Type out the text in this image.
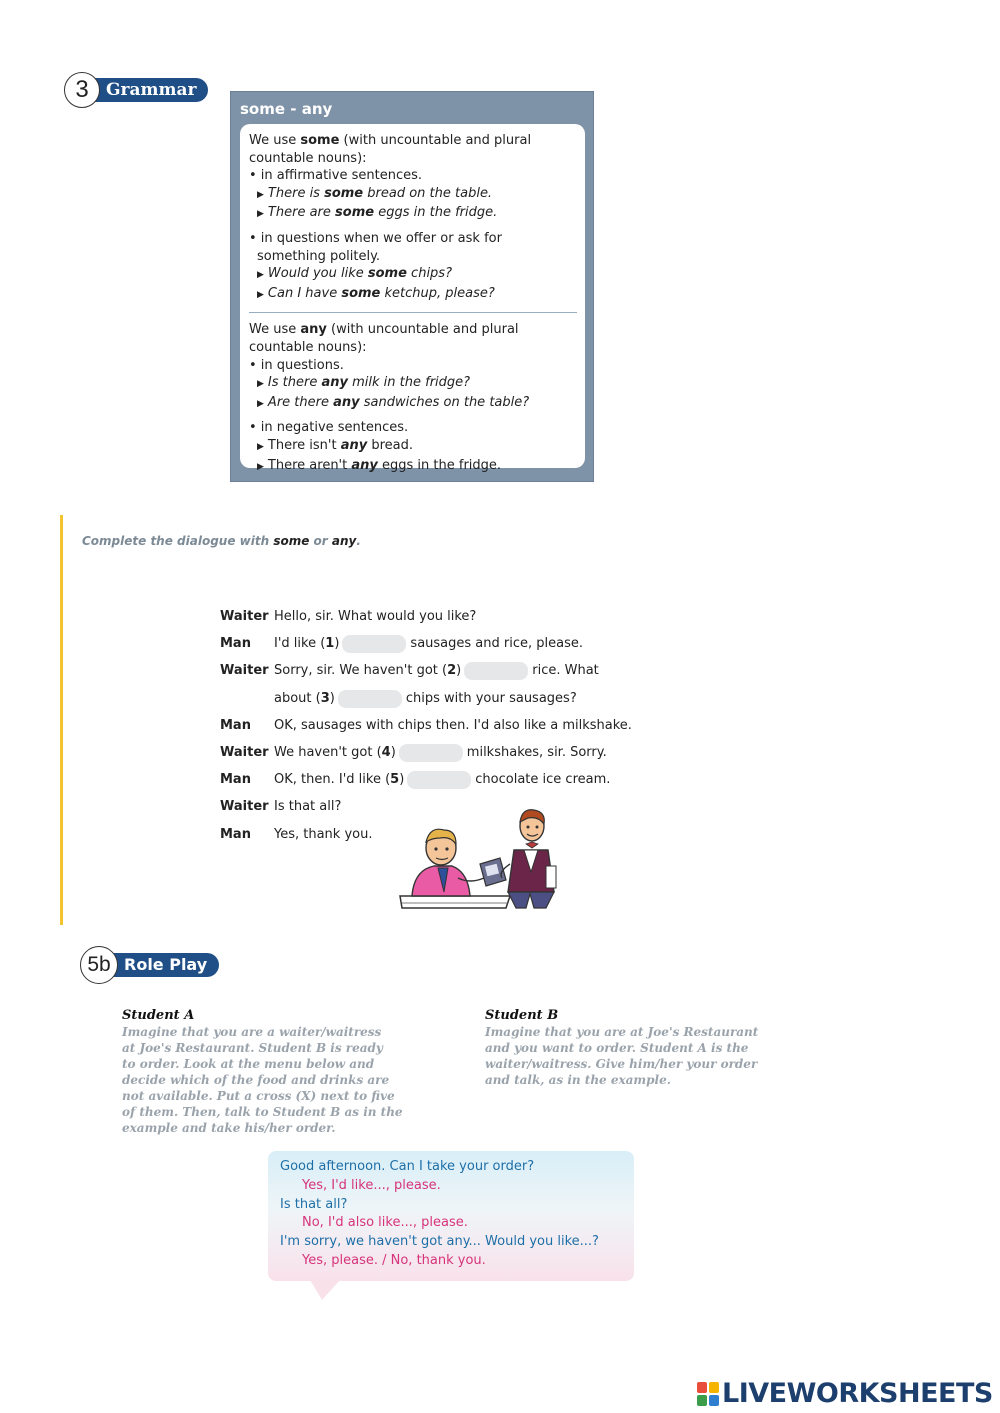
3	Grammar
some - any
We use some (with uncountable and plural
countable nouns):
• in affirmative sentences.
▶ There is some bread on the table.
▶ There are some eggs in the fridge.
• in questions when we offer or ask for
something politely.
▶ Would you like some chips?
▶ Can I have some ketchup, please?
We use any (with uncountable and plural
countable nouns):
• in questions.
▶ Is there any milk in the fridge?
▶ Are there any sandwiches on the table?
• in negative sentences.
▶ There isn't any bread.
▶ There aren't any eggs in the fridge.
Complete the dialogue with some or any.
Waiter Hello, sir. What would you like?
Man	I'd like ( 1 )	sausages and rice, please.
Waiter Sorry, sir. We haven't got ( 2 )	rice. What
about ( 3 )	chips with your sausages?
Man	OK, sausages with chips then. I'd also like a milkshake.
Waiter We haven't got ( 4 )	milkshakes, sir. Sorry.
Man	OK, then. I'd like ( 5 )	chocolate ice cream.
Waiter Is that all?
Man	Yes, thank you.
5b Role Play
Student A
Imagine that you are a waiter/waitress
at Joe's Restaurant. Student B is ready
to order. Look at the menu below and
decide which of the food and drinks are
not available. Put a cross (X) next to five
of them. Then, talk to Student B as in the
example and take his/her order.
Student B
Imagine that you are at Joe's Restaurant
and you want to order. Student A is the
waiter/waitress. Give him/her your order
and talk, as in the example.
Good afternoon. Can I take your order?
Yes, I'd like..., please.
Is that all?
No, I'd also like..., please.
I'm sorry, we haven't got any... Would you like...?
Yes, please. / No, thank you.
LIVEWORKSHEETS
